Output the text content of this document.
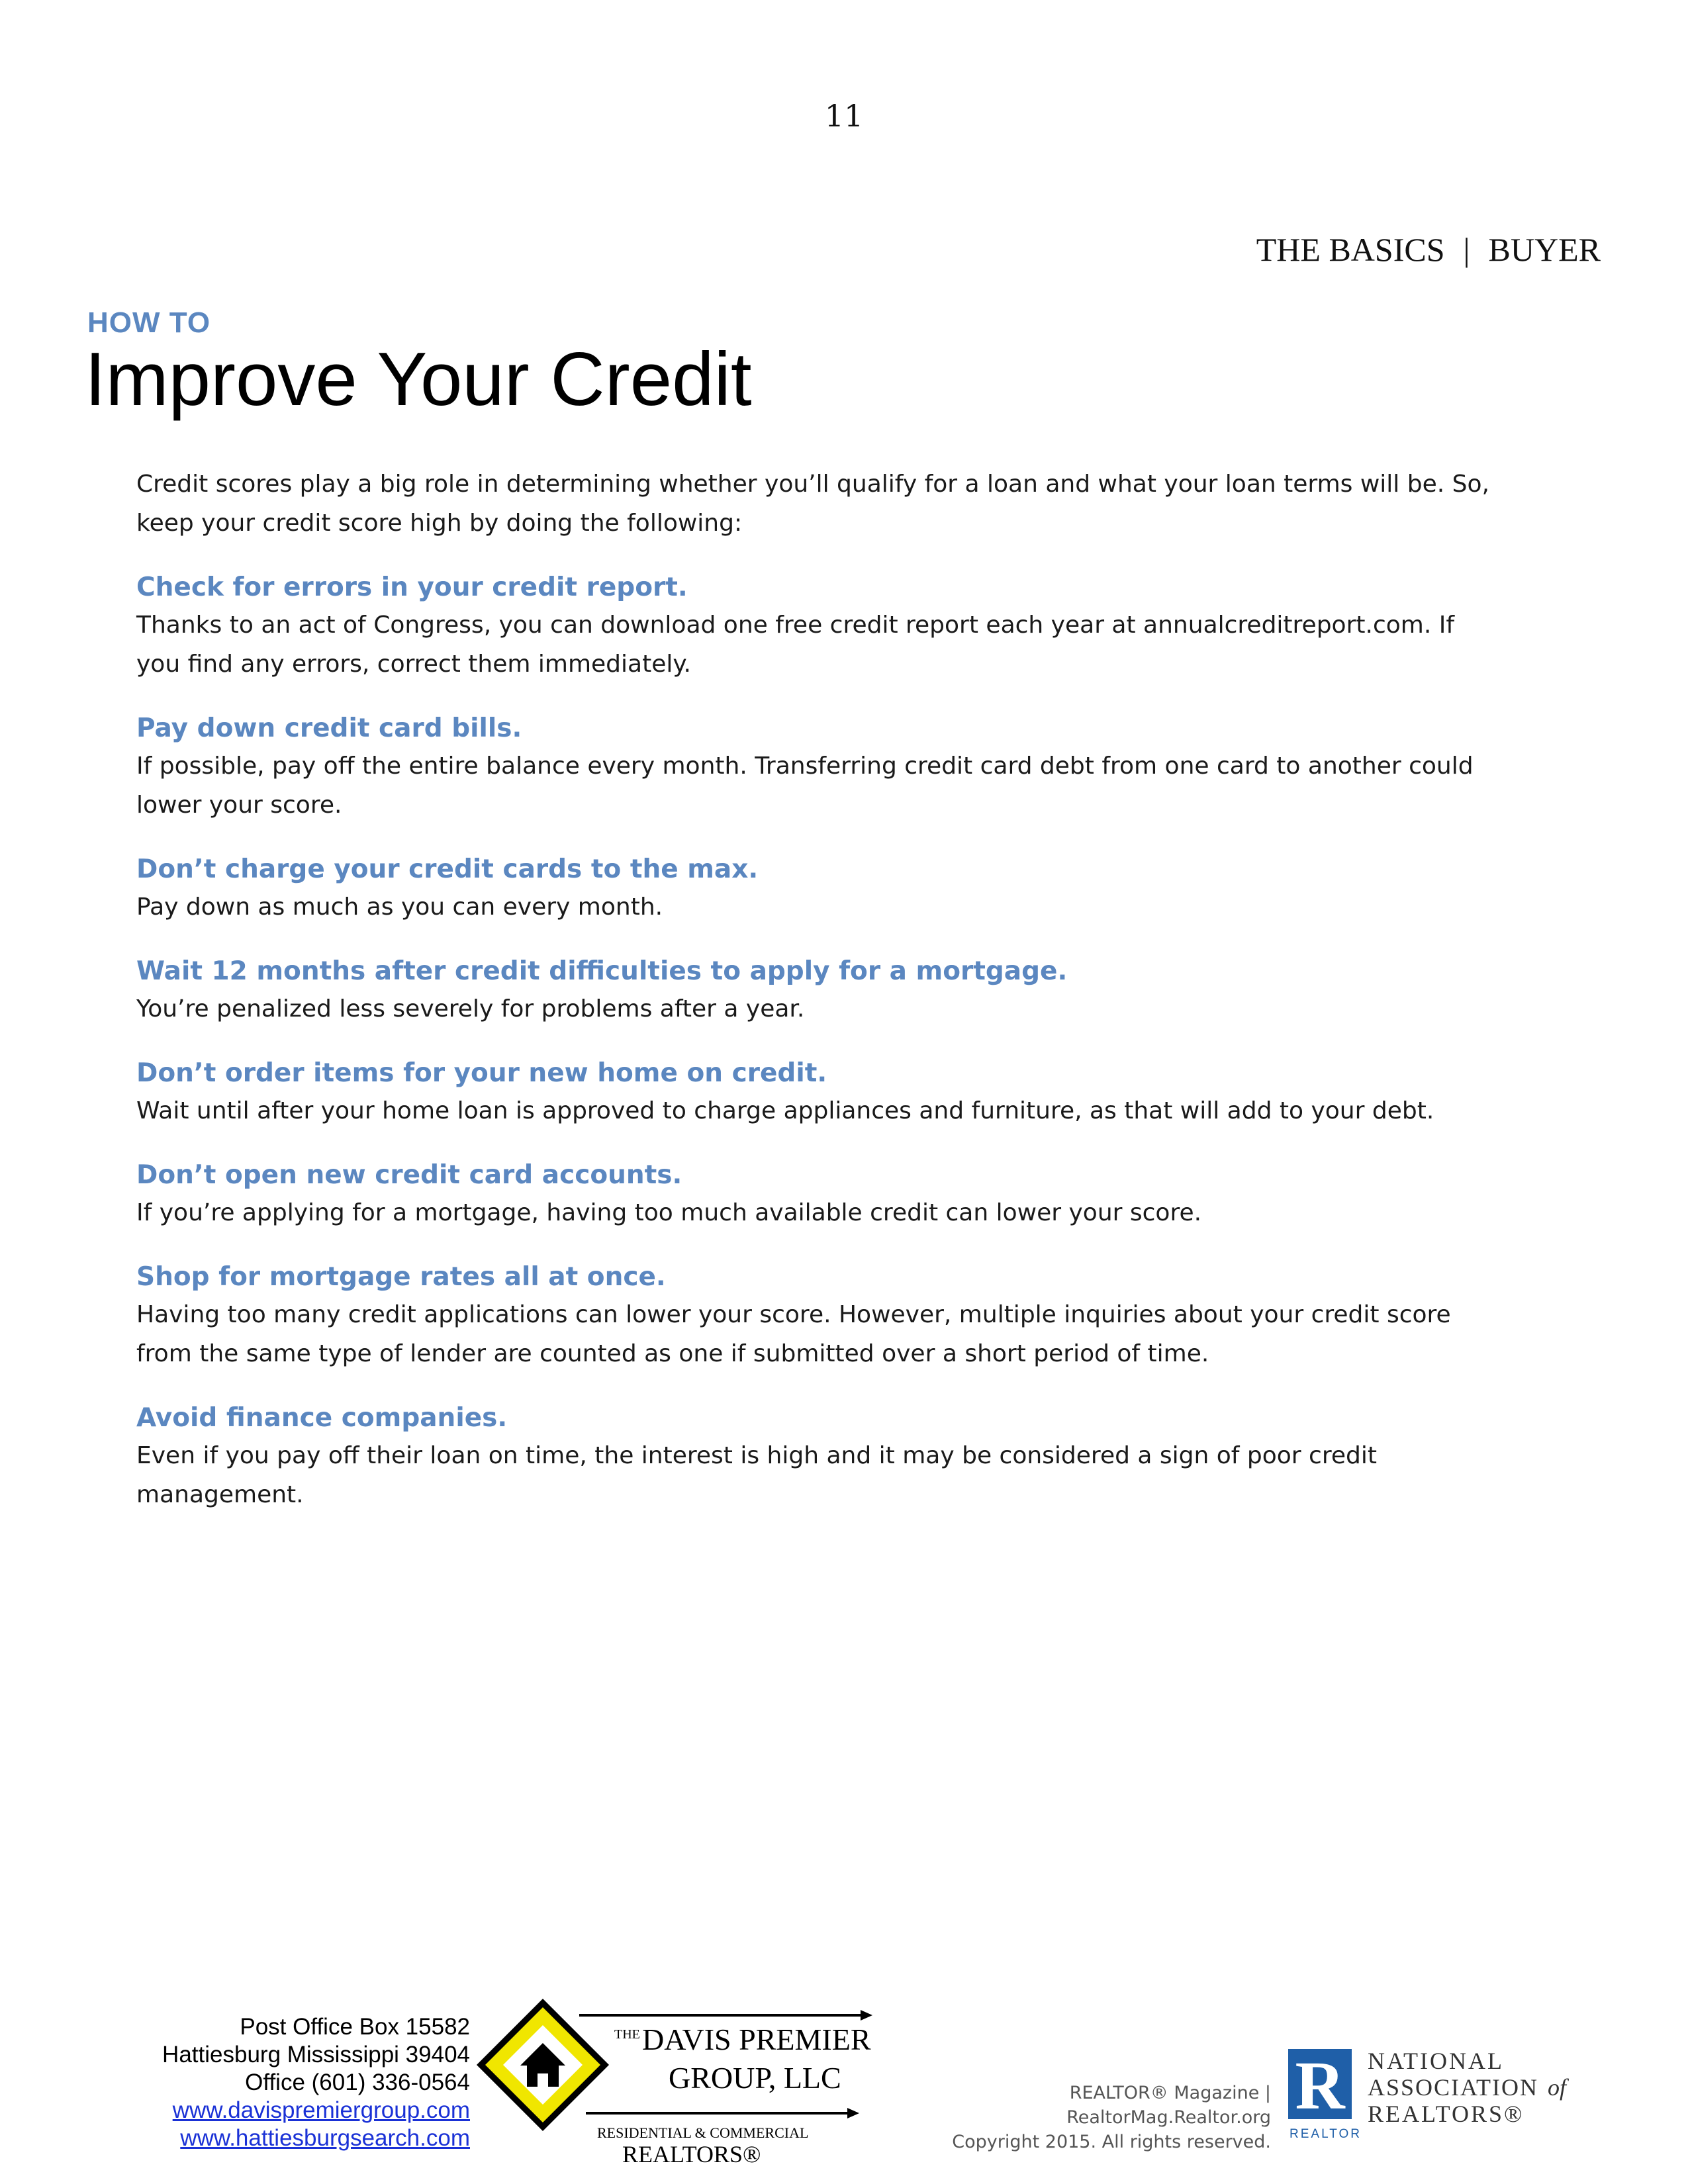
11
THE BASICS | BUYER
HOW TO
Improve Your Credit

Credit scores play a big role in determining whether you’ll qualify for a loan and what your loan terms will be. So, keep your credit score high by doing the following:

Check for errors in your credit report.

Thanks to an act of Congress, you can download one free credit report each year at annualcreditreport.com. If you find any errors, correct them immediately.

Pay down credit card bills.

If possible, pay off the entire balance every month. Transferring credit card debt from one card to another could lower your score.

Don’t charge your credit cards to the max.

Pay down as much as you can every month.

Wait 12 months after credit difficulties to apply for a mortgage.

You’re penalized less severely for problems after a year.

Don’t order items for your new home on credit.

Wait until after your home loan is approved to charge appliances and furniture, as that will add to your debt.

Don’t open new credit card accounts.

If you’re applying for a mortgage, having too much available credit can lower your score.

Shop for mortgage rates all at once.

Having too many credit applications can lower your score. However, multiple inquiries about your credit score from the same type of lender are counted as one if submitted over a short period of time.

Avoid finance companies.

Even if you pay off their loan on time, the interest is high and it may be considered a sign of poor credit management.

Post Office Box 15582
Hattiesburg Mississippi 39404
Office (601) 336-0564
www.davispremiergroup.com
www.hattiesburgsearch.com
THE DAVIS PREMIER
GROUP, LLC
RESIDENTIAL & COMMERCIAL
REALTORS®
REALTOR® Magazine | RealtorMag.Realtor.org
Copyright 2015. All rights reserved.
R
REALTOR
NATIONAL
ASSOCIATION of
REALTORS®
